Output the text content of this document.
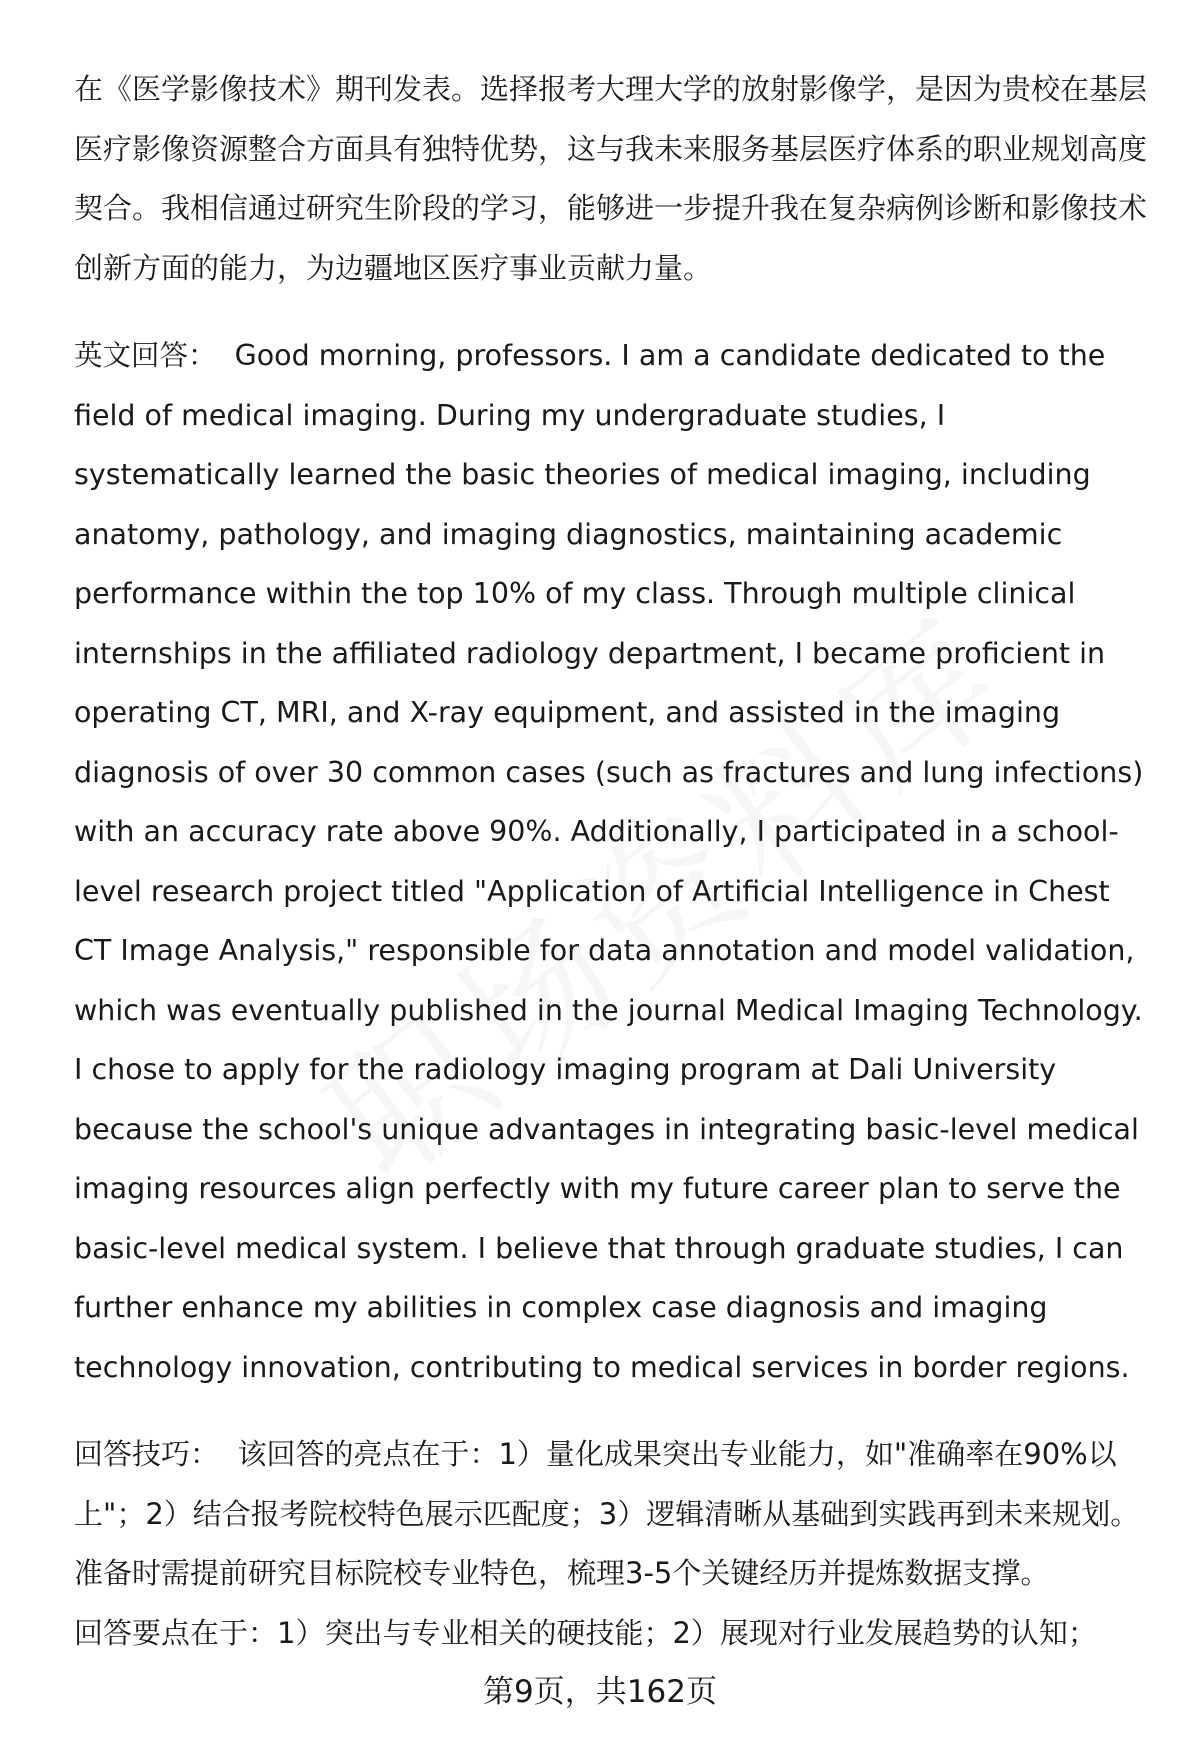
在《医学影像技术》期刊发表。选择报考大理大学的放射影像学，是因为贵校在基层医疗影像资源整合方面具有独特优势，这与我未来服务基层医疗体系的职业规划高度契合。我相信通过研究生阶段的学习，能够进一步提升我在复杂病例诊断和影像技术创新方面的能力，为边疆地区医疗事业贡献力量。

英文回答： Good morning, professors. I am a candidate dedicated to the field of medical imaging. During my undergraduate studies, I systematically learned the basic theories of medical imaging, including anatomy, pathology, and imaging diagnostics, maintaining academic performance within the top 10% of my class. Through multiple clinical internships in the affiliated radiology department, I became proficient in operating CT, MRI, and X-ray equipment, and assisted in the imaging diagnosis of over 30 common cases (such as fractures and lung infections) with an accuracy rate above 90%. Additionally, I participated in a school-level research project titled "Application of Artificial Intelligence in Chest CT Image Analysis," responsible for data annotation and model validation, which was eventually published in the journal Medical Imaging Technology. I chose to apply for the radiology imaging program at Dali University because the school's unique advantages in integrating basic-level medical imaging resources align perfectly with my future career plan to serve the basic-level medical system. I believe that through graduate studies, I can further enhance my abilities in complex case diagnosis and imaging technology innovation, contributing to medical services in border regions.

回答技巧： 该回答的亮点在于：1）量化成果突出专业能力，如"准确率在90%以上"；2）结合报考院校特色展示匹配度；3）逻辑清晰从基础到实践再到未来规划。准备时需提前研究目标院校专业特色，梳理3-5个关键经历并提炼数据支撑。

回答要点在于：1）突出与专业相关的硬技能；2）展现对行业发展趋势的认知；

第9页，共162页
